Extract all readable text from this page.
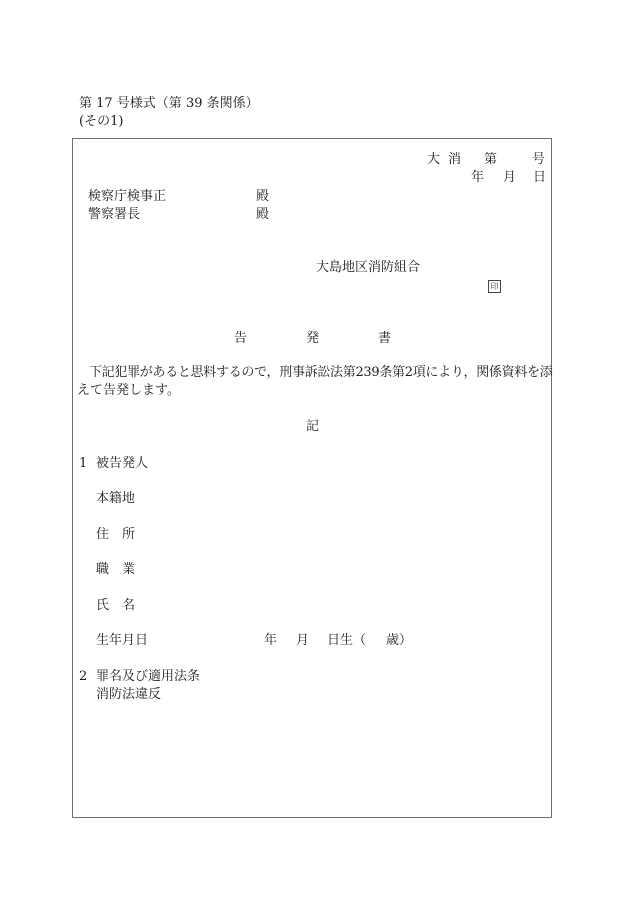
第 17 号様式（第 39 条関係）
(その1)
大 消 第	号
年 月 日
検察庁検事正	殿
警察署長	殿
大島地区消防組合
印
告	発	書
下記犯罪があると思料するので，刑事訴訟法第239条第2項により，関係資料を添
えて告発します。
記
1 被告発人
本籍地
住　所
職　業
氏　名
生年月日	年 月 日生（ 歳）
2 罪名及び適用法条
消防法違反
